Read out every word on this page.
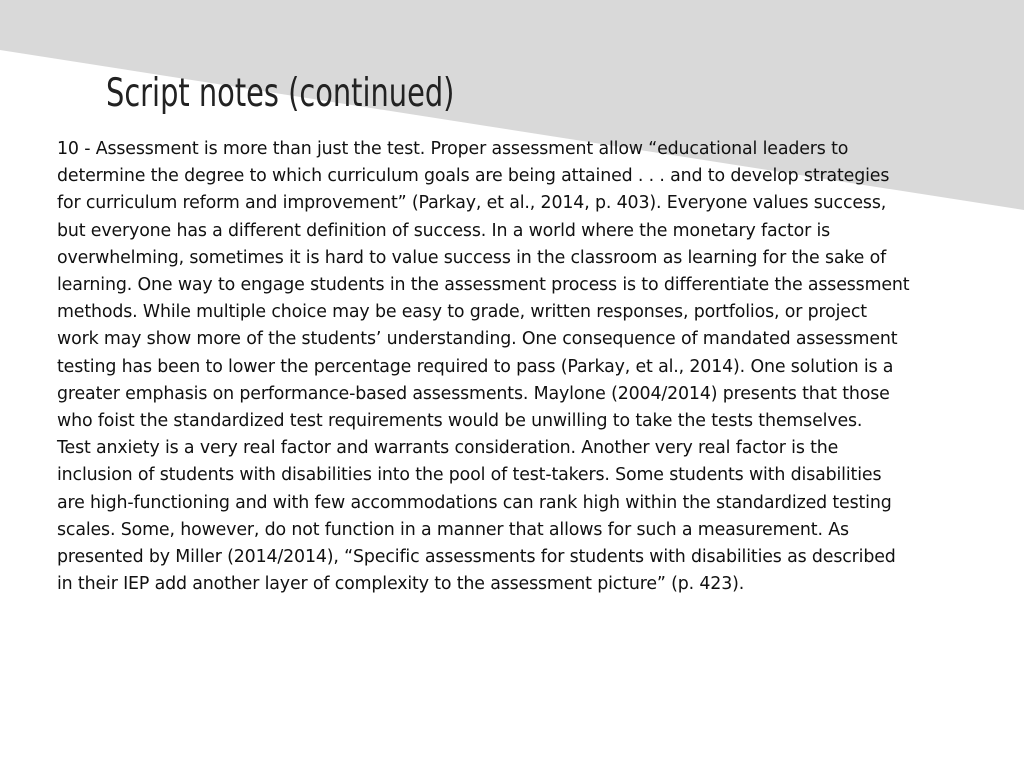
Script notes (continued)
10 - Assessment is more than just the test. Proper assessment allow “educational leaders to
determine the degree to which curriculum goals are being attained . . . and to develop strategies
for curriculum reform and improvement” (Parkay, et al., 2014, p. 403). Everyone values success,
but everyone has a different definition of success. In a world where the monetary factor is
overwhelming, sometimes it is hard to value success in the classroom as learning for the sake of
learning. One way to engage students in the assessment process is to differentiate the assessment
methods. While multiple choice may be easy to grade, written responses, portfolios, or project
work may show more of the students’ understanding. One consequence of mandated assessment
testing has been to lower the percentage required to pass (Parkay, et al., 2014). One solution is a
greater emphasis on performance-based assessments. Maylone (2004/2014) presents that those
who foist the standardized test requirements would be unwilling to take the tests themselves.
Test anxiety is a very real factor and warrants consideration. Another very real factor is the
inclusion of students with disabilities into the pool of test-takers. Some students with disabilities
are high-functioning and with few accommodations can rank high within the standardized testing
scales. Some, however, do not function in a manner that allows for such a measurement. As
presented by Miller (2014/2014), “Specific assessments for students with disabilities as described
in their IEP add another layer of complexity to the assessment picture” (p. 423).
